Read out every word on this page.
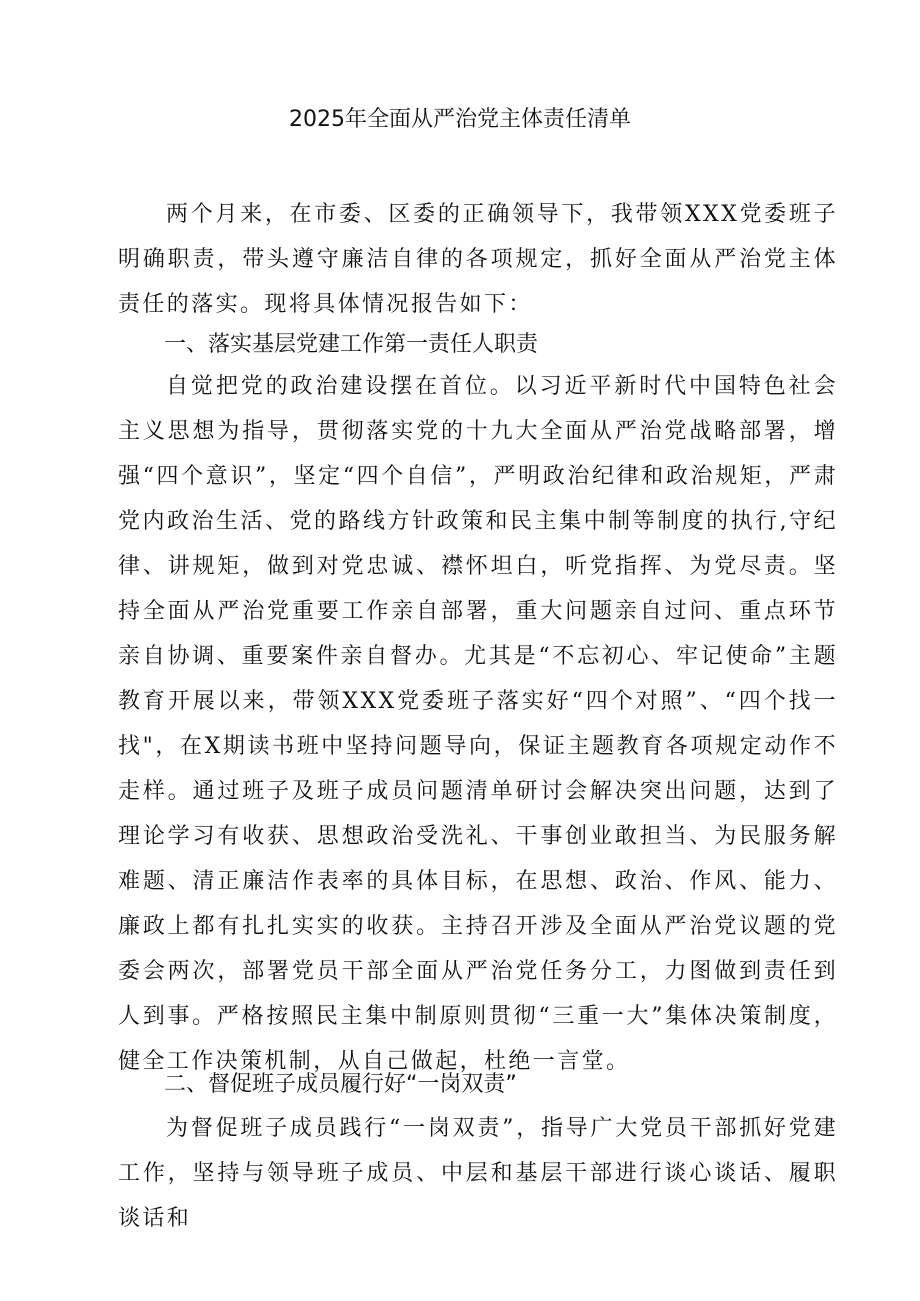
2025年全面从严治党主体责任清单

两个月来，在市委、区委的正确领导下，我带领XXX党委班子明确职责，带头遵守廉洁自律的各项规定，抓好全面从严治党主体责任的落实。现将具体情况报告如下：

一、落实基层党建工作第一责任人职责

自觉把党的政治建设摆在首位。以习近平新时代中国特色社会主义思想为指导，贯彻落实党的十九大全面从严治党战略部署，增强“四个意识”，坚定“四个自信”，严明政治纪律和政治规矩，严肃党内政治生活、党的路线方针政策和民主集中制等制度的执行,守纪律、讲规矩，做到对党忠诚、襟怀坦白，听党指挥、为党尽责。坚持全面从严治党重要工作亲自部署，重大问题亲自过问、重点环节亲自协调、重要案件亲自督办。尤其是“不忘初心、牢记使命”主题教育开展以来，带领XXX党委班子落实好“四个对照”、“四个找一找"，在X期读书班中坚持问题导向，保证主题教育各项规定动作不走样。通过班子及班子成员问题清单研讨会解决突出问题，达到了理论学习有收获、思想政治受洗礼、干事创业敢担当、为民服务解难题、清正廉洁作表率的具体目标，在思想、政治、作风、能力、廉政上都有扎扎实实的收获。主持召开涉及全面从严治党议题的党委会两次，部署党员干部全面从严治党任务分工，力图做到责任到人到事。严格按照民主集中制原则贯彻“三重一大”集体决策制度，健全工作决策机制，从自己做起，杜绝一言堂。

二、督促班子成员履行好“一岗双责”

为督促班子成员践行“一岗双责”，指导广大党员干部抓好党建工作，坚持与领导班子成员、中层和基层干部进行谈心谈话、履职谈话和
